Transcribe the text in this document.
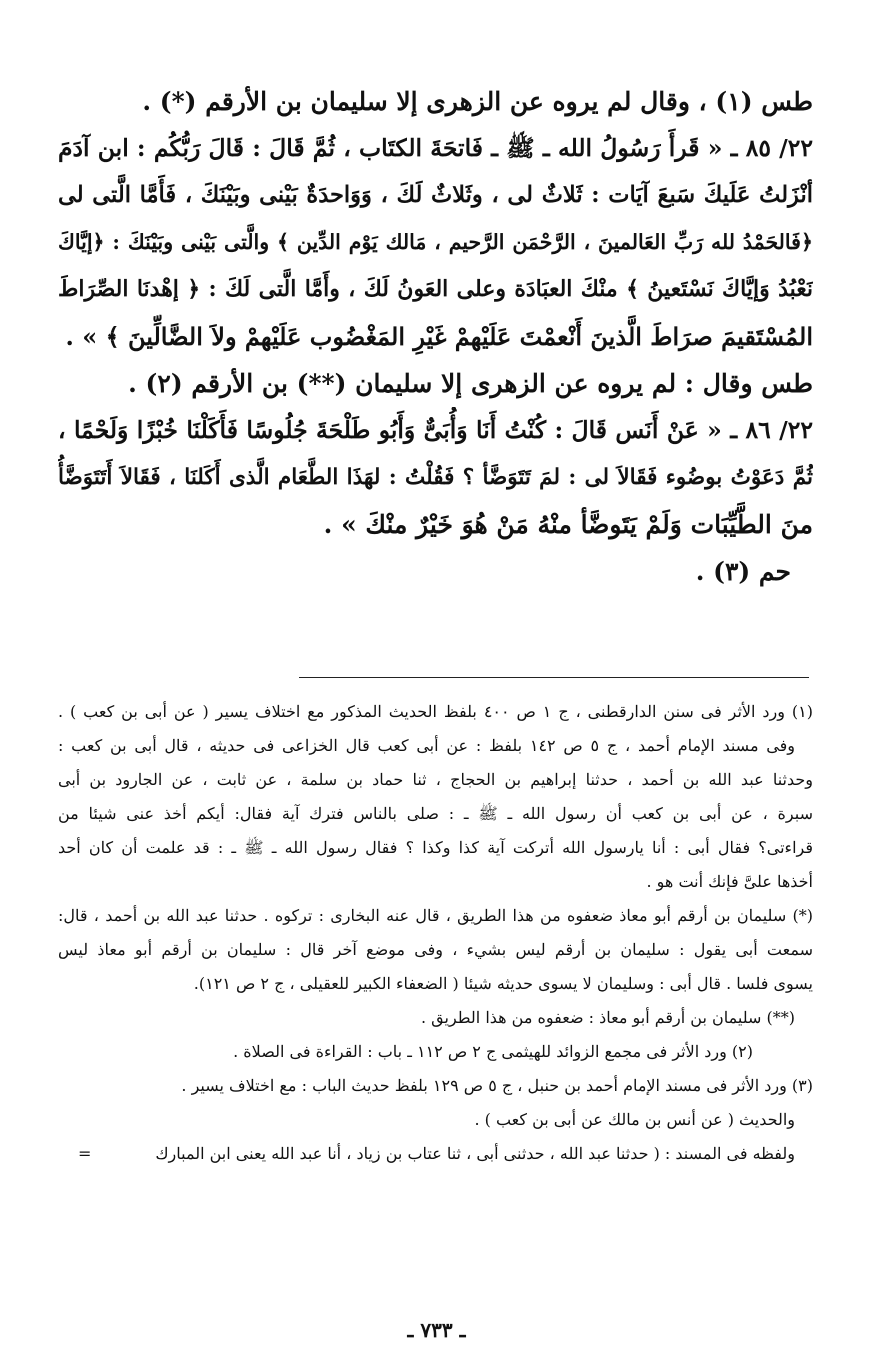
طس (١) ، وقال لم يروه عن الزهرى إلا سليمان بن الأرقم (*) .
٢٢/ ٨٥ ـ « قَرأَ رَسُولُ الله ـ ﷺ ـ فَاتحَةَ الكتَاب ، ثُمَّ قَالَ : قَالَ رَبُّكُم : ابن آدَمَ
أنْزَلتُ عَلَيكَ سَبعَ آيَات : ثَلاثٌ لى ، وثَلاثٌ لَكَ ، وَوَاحدَةٌ بَيْنى وبَيْنَكَ ، فَأَمَّا الَّتى لى
﴿فَالحَمْدُ لله رَبِّ العَالمينَ ، الرَّحْمَن الرَّحيم ، مَالك يَوْم الدِّين ﴾ والَّتى بَيْنى وبَيْنَكَ : ﴿إيَّاكَ
نَعْبُدُ وَإيَّاكَ نَسْتَعينُ ﴾ منْكَ العبَادَة وعلى العَونُ لَكَ ، وأَمَّا الَّتى لَكَ : ﴿ إهْدنَا الصِّرَاطَ
المُسْتَقيمَ صرَاطَ الَّذينَ أَنْعمْتَ عَلَيْهمْ غَيْرِ المَغْضُوب عَلَيْهمْ ولاَ الضَّالِّينَ ﴾ » .
طس وقال : لم يروه عن الزهرى إلا سليمان (**) بن الأرقم (٢) .
٢٢/ ٨٦ ـ « عَنْ أَنَس قَالَ : كُنْتُ أَنَا وَأُبَىٌّ وَأَبُو طَلْحَةَ جُلُوسًا فَأَكَلْنَا خُبْزًا وَلَحْمًا ،
ثُمَّ دَعَوْتُ بوضُوء فَقَالاَ لى : لمَ تَتَوَضَّأ ؟ فَقُلْتُ : لهَذَا الطَّعَام الَّذى أَكَلنَا ، فَقَالاَ أَتَتَوَضَّأُ
منَ الطَّيِّبَات وَلَمْ يَتَوضَّأ منْهُ مَنْ هُوَ خَيْرٌ منْكَ » .
حم (٣) .
(١) ورد الأثر فى سنن الدارقطنى ، ج ١ ص ٤٠٠ بلفظ الحديث المذكور مع اختلاف يسير ( عن أبى بن كعب ) .
وفى مسند الإمام أحمد ، ج ٥ ص ١٤٢ بلفظ : عن أبى كعب قال الخزاعى فى حديثه ، قال أبى بن كعب :
وحدثنا عبد الله بن أحمد ، حدثنا إبراهيم بن الحجاج ، ثنا حماد بن سلمة ، عن ثابت ، عن الجارود بن أبى
سبرة ، عن أبى بن كعب أن رسول الله ـ ﷺ ـ : صلى بالناس فترك آية فقال: أيكم أخذ عنى شيئا من
قراءتى؟ فقال أبى : أنا يارسول الله أتركت آية كذا وكذا ؟ فقال رسول الله ـ ﷺ ـ : قد علمت أن كان أحد
أخذها علىَّ فإنك أنت هو .
(*) سليمان بن أرقم أبو معاذ ضعفوه من هذا الطريق ، قال عنه البخارى : تركوه . حدثنا عبد الله بن أحمد ، قال:
سمعت أبى يقول : سليمان بن أرقم ليس بشيء ، وفى موضع آخر قال : سليمان بن أرقم أبو معاذ ليس
يسوى فلسا . قال أبى : وسليمان لا يسوى حديثه شيئا ( الضعفاء الكبير للعقيلى ، ج ٢ ص ١٢١).
(**) سليمان بن أرقم أبو معاذ : ضعفوه من هذا الطريق .
(٢) ورد الأثر فى مجمع الزوائد للهيثمى ج ٢ ص ١١٢ ـ باب : القراءة فى الصلاة .
(٣) ورد الأثر فى مسند الإمام أحمد بن حنبل ، ج ٥ ص ١٢٩ بلفظ حديث الباب : مع اختلاف يسير .
والحديث ( عن أنس بن مالك عن أبى بن كعب ) .
ولفظه فى المسند : ( حدثنا عبد الله ، حدثنى أبى ، ثنا عتاب بن زياد ، أنا عبد الله يعنى ابن المبارك
=
ـ ٧٣٣ ـ
